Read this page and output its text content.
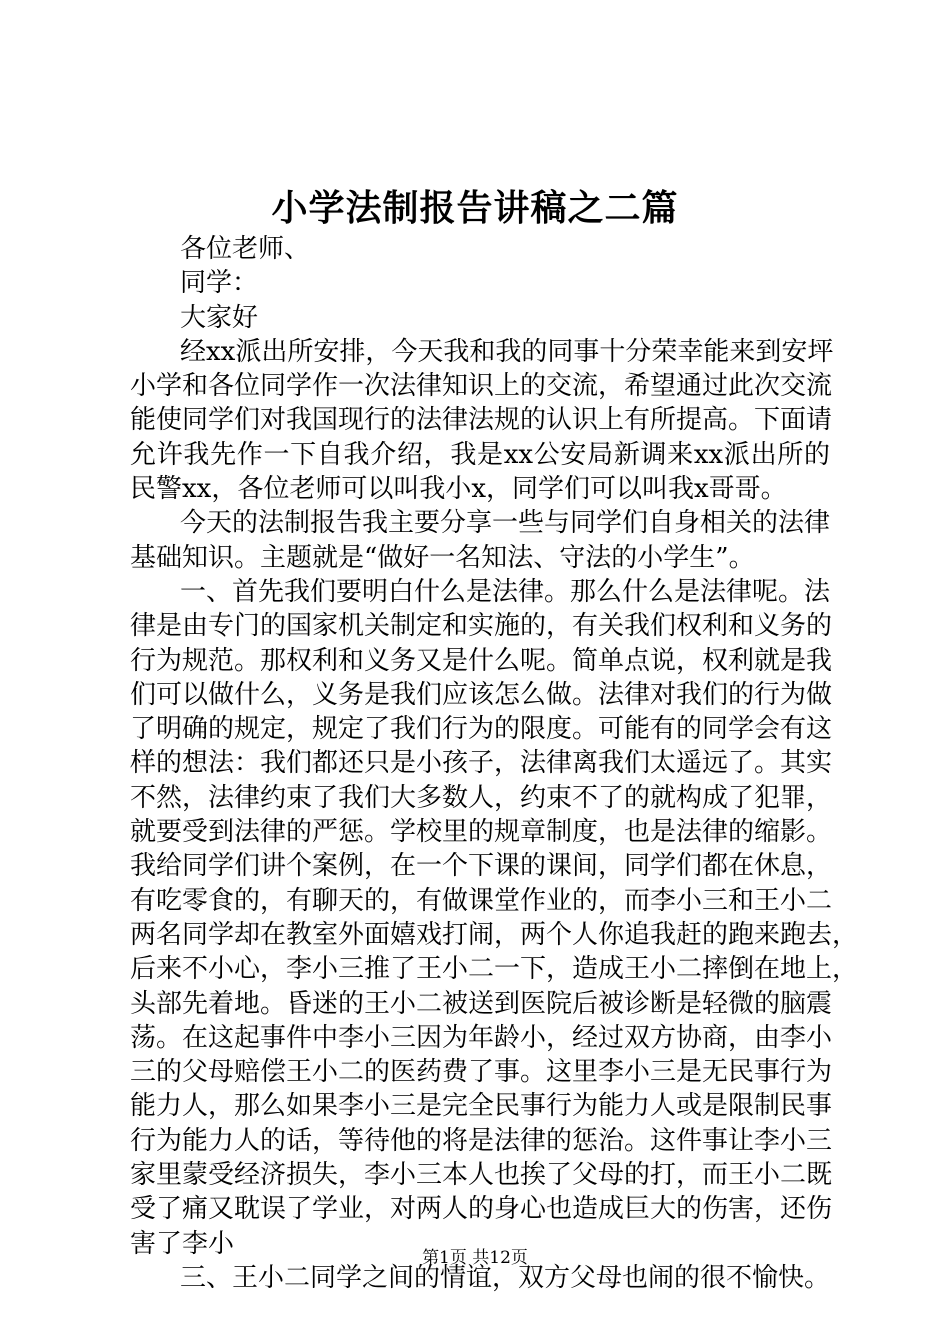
小学法制报告讲稿之二篇
各位老师、
同学：
大家好
经xx派出所安排，今天我和我的同事十分荣幸能来到安坪
小学和各位同学作一次法律知识上的交流，希望通过此次交流
能使同学们对我国现行的法律法规的认识上有所提高。下面请
允许我先作一下自我介绍，我是xx公安局新调来xx派出所的
民警xx，各位老师可以叫我小x，同学们可以叫我x哥哥。
今天的法制报告我主要分享一些与同学们自身相关的法律
基础知识。主题就是“做好一名知法、守法的小学生”。
一、首先我们要明白什么是法律。那么什么是法律呢。法
律是由专门的国家机关制定和实施的，有关我们权利和义务的
行为规范。那权利和义务又是什么呢。简单点说，权利就是我
们可以做什么，义务是我们应该怎么做。法律对我们的行为做
了明确的规定，规定了我们行为的限度。可能有的同学会有这
样的想法：我们都还只是小孩子，法律离我们太遥远了。其实
不然，法律约束了我们大多数人，约束不了的就构成了犯罪，
就要受到法律的严惩。学校里的规章制度，也是法律的缩影。
我给同学们讲个案例，在一个下课的课间，同学们都在休息，
有吃零食的，有聊天的，有做课堂作业的，而李小三和王小二
两名同学却在教室外面嬉戏打闹，两个人你追我赶的跑来跑去，
后来不小心，李小三推了王小二一下，造成王小二摔倒在地上，
头部先着地。昏迷的王小二被送到医院后被诊断是轻微的脑震
荡。在这起事件中李小三因为年龄小，经过双方协商，由李小
三的父母赔偿王小二的医药费了事。这里李小三是无民事行为
能力人，那么如果李小三是完全民事行为能力人或是限制民事
行为能力人的话，等待他的将是法律的惩治。这件事让李小三
家里蒙受经济损失，李小三本人也挨了父母的打，而王小二既
受了痛又耽误了学业，对两人的身心也造成巨大的伤害，还伤
害了李小
三、王小二同学之间的情谊，双方父母也闹的很不愉快。
第1页 共12页
